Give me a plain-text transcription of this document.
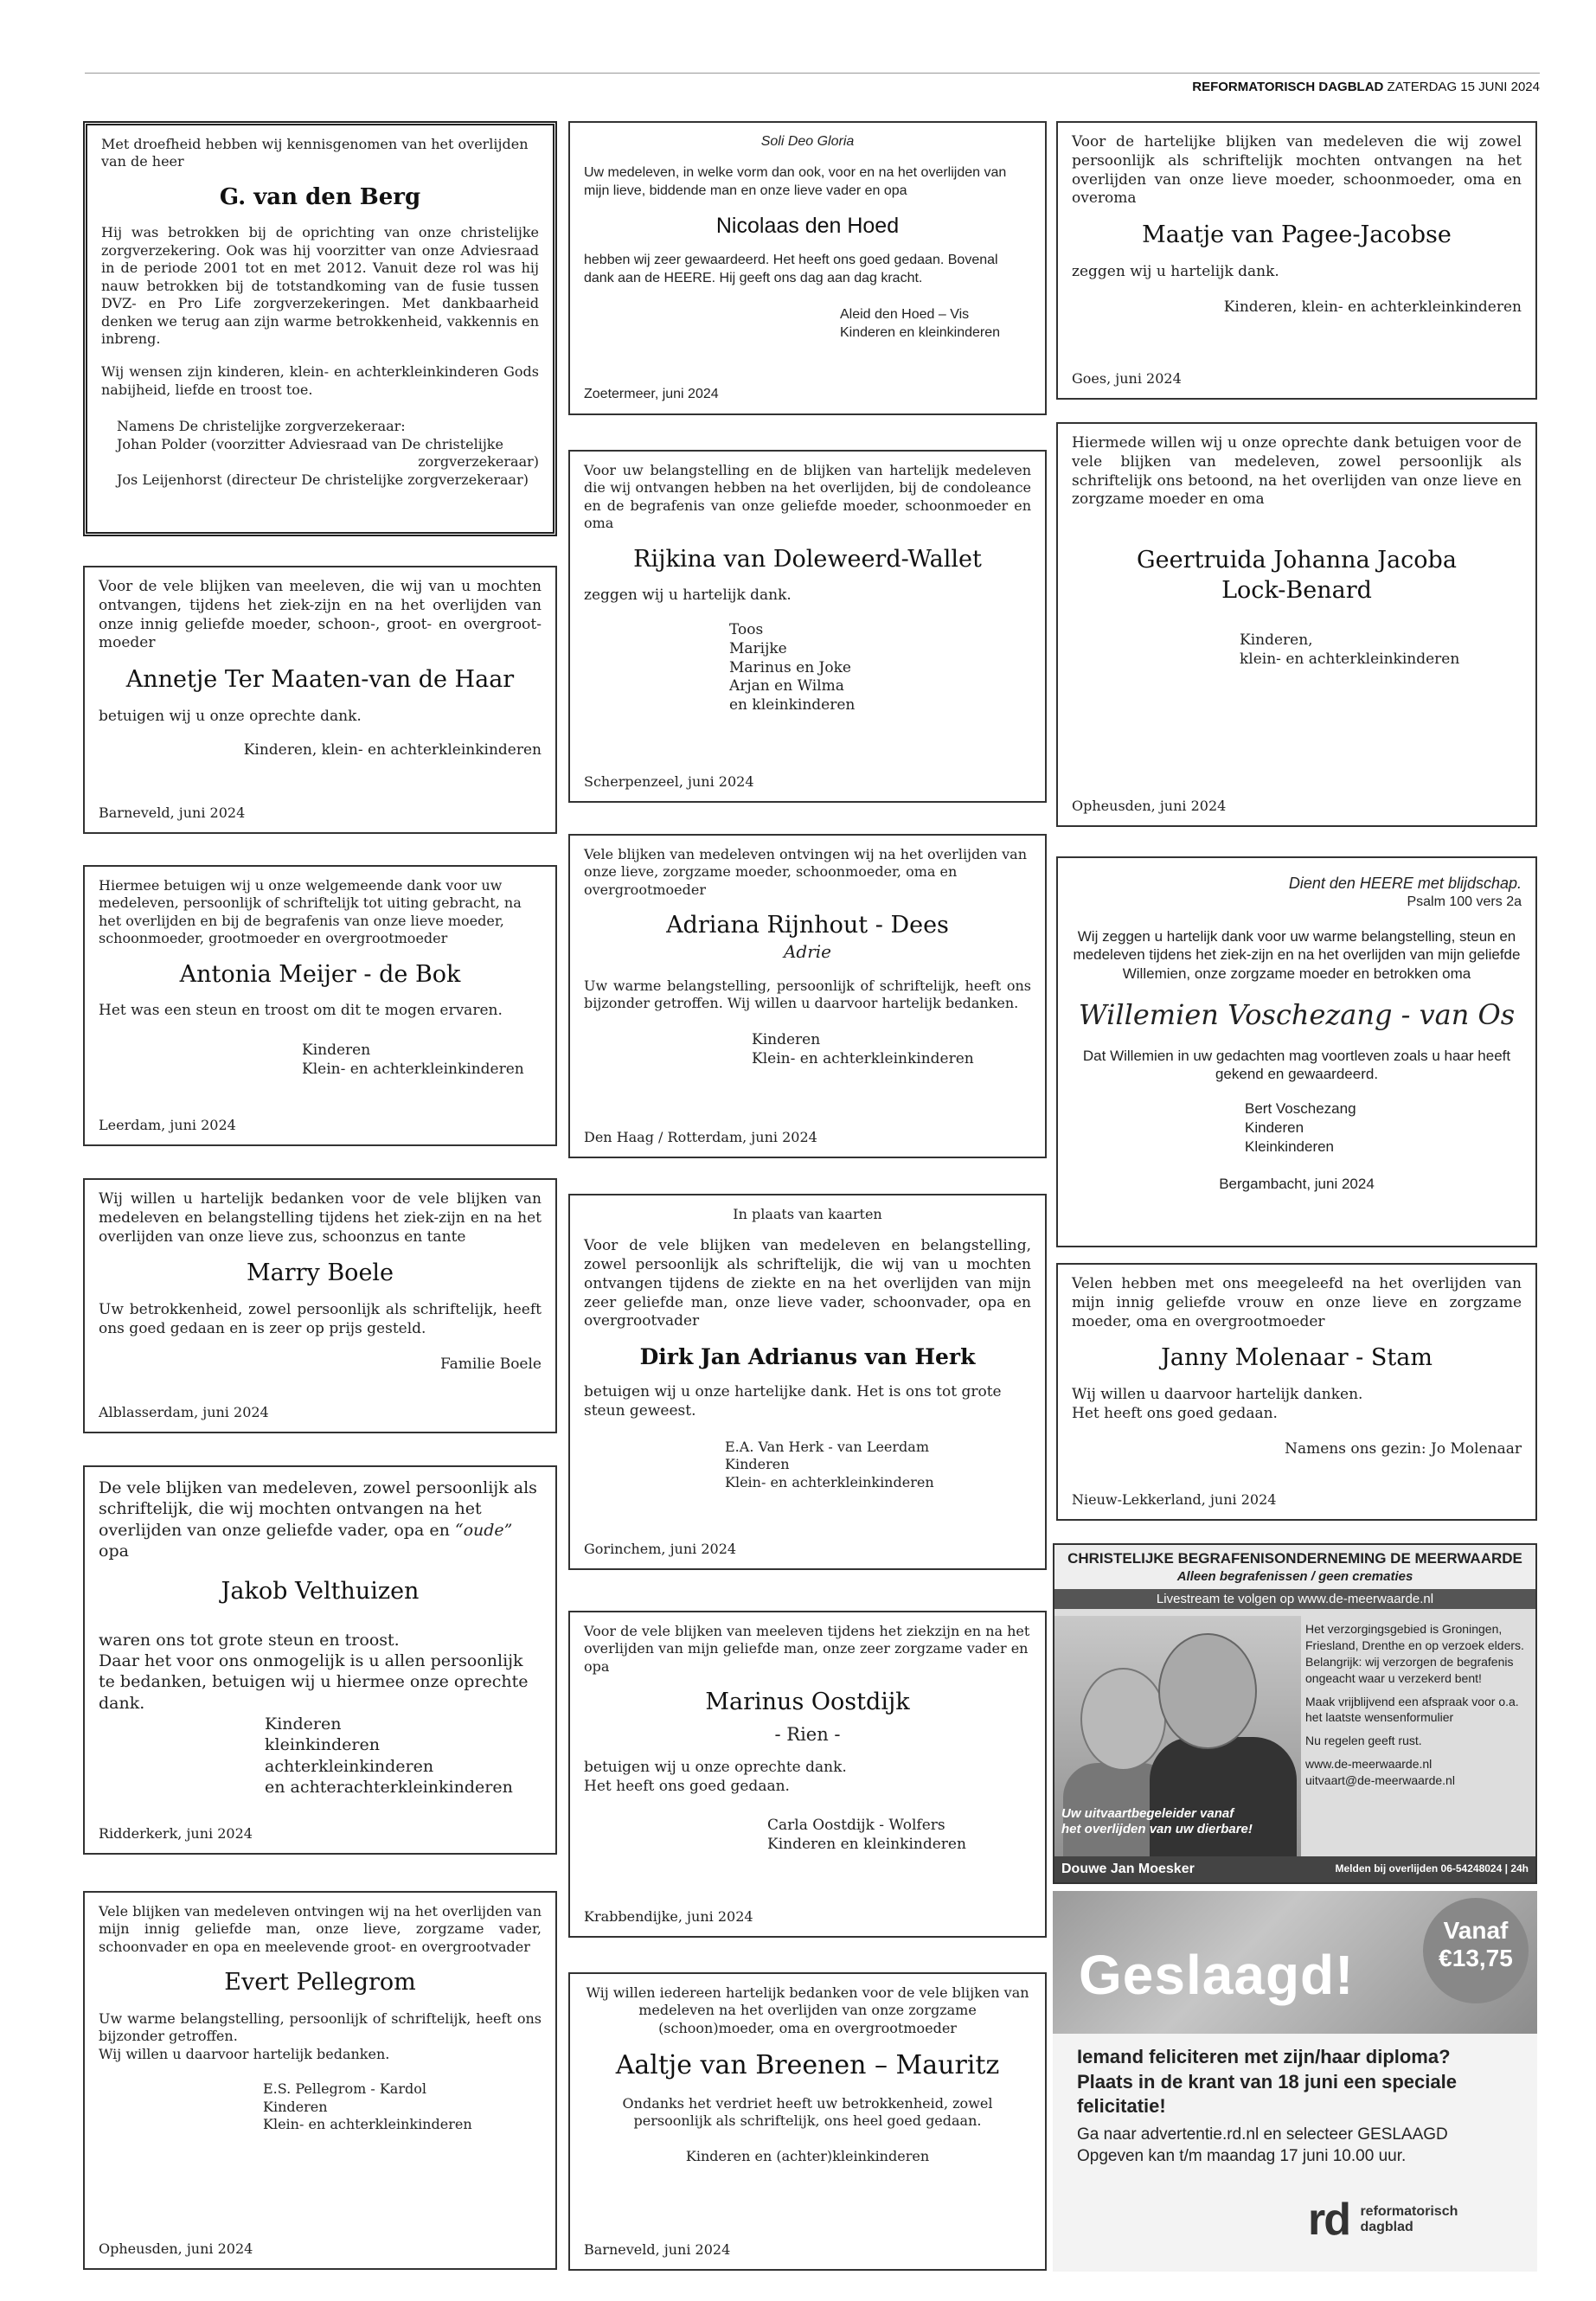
REFORMATORISCH DAGBLAD ZATERDAG 15 JUNI 2024

Met droefheid hebben wij kennisgenomen van het overlijden van de heer

G. van den Berg

Hij was betrokken bij de oprichting van onze christelijke zorgverzekering. Ook was hij voorzitter van onze Adviesraad in de periode 2001 tot en met 2012. Vanuit deze rol was hij nauw betrokken bij de totstandkoming van de fusie tussen DVZ- en Pro Life zorgverzekeringen. Met dankbaarheid denken we terug aan zijn warme betrokkenheid, vakkennis en inbreng.

Wij wensen zijn kinderen, klein- en achterkleinkinderen Gods nabijheid, liefde en troost toe.

Namens De christelijke zorgverzekeraar:

Johan Polder (voorzitter Adviesraad van De christelijke

zorgverzekeraar)

Jos Leijenhorst (directeur De christelijke zorgverzekeraar)

Voor de vele blijken van meeleven, die wij van u mochten ontvangen, tijdens het ziek-zijn en na het overlijden van onze innig geliefde moeder, schoon-, groot- en overgrootmoeder

Annetje Ter Maaten-van de Haar

betuigen wij u onze oprechte dank.

Kinderen, klein- en achterkleinkinderen

Barneveld, juni 2024

Hiermee betuigen wij u onze welgemeende dank voor uw medeleven, persoonlijk of schriftelijk tot uiting gebracht, na het overlijden en bij de begrafenis van onze lieve moeder, schoonmoeder, grootmoeder en overgrootmoeder

Antonia Meijer - de Bok

Het was een steun en troost om dit te mogen ervaren.

Kinderen

Klein- en achterkleinkinderen

Leerdam, juni 2024

Wij willen u hartelijk bedanken voor de vele blijken van medeleven en belangstelling tijdens het ziek-zijn en na het overlijden van onze lieve zus, schoonzus en tante

Marry Boele

Uw betrokkenheid, zowel persoonlijk als schriftelijk, heeft ons goed gedaan en is zeer op prijs gesteld.

Familie Boele

Alblasserdam, juni 2024

De vele blijken van medeleven, zowel persoonlijk als schriftelijk, die wij mochten ontvangen na het overlijden van onze geliefde vader, opa en “oude” opa

Jakob Velthuizen

waren ons tot grote steun en troost.

Daar het voor ons onmogelijk is u allen persoonlijk te bedanken, betuigen wij u hiermee onze oprechte dank.

Kinderen

kleinkinderen

achterkleinkinderen

en achterachterkleinkinderen

Ridderkerk, juni 2024

Vele blijken van medeleven ontvingen wij na het overlijden van mijn innig geliefde man, onze lieve, zorgzame vader, schoonvader en opa en meelevende groot- en overgrootvader

Evert Pellegrom

Uw warme belangstelling, persoonlijk of schriftelijk, heeft ons bijzonder getroffen.

Wij willen u daarvoor hartelijk bedanken.

E.S. Pellegrom - Kardol

Kinderen

Klein- en achterkleinkinderen

Opheusden, juni 2024

Soli Deo Gloria

Uw medeleven, in welke vorm dan ook, voor en na het overlijden van mijn lieve, biddende man en onze lieve vader en opa

Nicolaas den Hoed

hebben wij zeer gewaardeerd. Het heeft ons goed gedaan. Bovenal dank aan de HEERE. Hij geeft ons dag aan dag kracht.

Aleid den Hoed – Vis

Kinderen en kleinkinderen

Zoetermeer, juni 2024

Voor uw belangstelling en de blijken van hartelijk medeleven die wij ontvangen hebben na het overlijden, bij de condoleance en de begrafenis van onze geliefde moeder, schoonmoeder en oma

Rijkina van Doleweerd-Wallet

zeggen wij u hartelijk dank.

Toos

Marijke

Marinus en Joke

Arjan en Wilma

en kleinkinderen

Scherpenzeel, juni 2024

Vele blijken van medeleven ontvingen wij na het overlijden van onze lieve, zorgzame moeder, schoonmoeder, oma en overgrootmoeder

Adriana Rijnhout - Dees

Adrie

Uw warme belangstelling, persoonlijk of schriftelijk, heeft ons bijzonder getroffen. Wij willen u daarvoor hartelijk bedanken.

Kinderen

Klein- en achterkleinkinderen

Den Haag / Rotterdam, juni 2024

In plaats van kaarten

Voor de vele blijken van medeleven en belangstelling, zowel persoonlijk als schriftelijk, die wij van u mochten ontvangen tijdens de ziekte en na het overlijden van mijn zeer geliefde man, onze lieve vader, schoonvader, opa en overgrootvader

Dirk Jan Adrianus van Herk

betuigen wij u onze hartelijke dank. Het is ons tot grote steun geweest.

E.A. Van Herk - van Leerdam

Kinderen

Klein- en achterkleinkinderen

Gorinchem, juni 2024

Voor de vele blijken van meeleven tijdens het ziekzijn en na het overlijden van mijn geliefde man, onze zeer zorgzame vader en opa

Marinus Oostdijk

- Rien -

betuigen wij u onze oprechte dank.

Het heeft ons goed gedaan.

Carla Oostdijk - Wolfers

Kinderen en kleinkinderen

Krabbendijke, juni 2024

Wij willen iedereen hartelijk bedanken voor de vele blijken van medeleven na het overlijden van onze zorgzame (schoon)moeder, oma en overgrootmoeder

Aaltje van Breenen – Mauritz

Ondanks het verdriet heeft uw betrokkenheid, zowel persoonlijk als schriftelijk, ons heel goed gedaan.

Kinderen en (achter)kleinkinderen

Barneveld, juni 2024

Voor de hartelijke blijken van medeleven die wij zowel persoonlijk als schriftelijk mochten ontvangen na het overlijden van onze lieve moeder, schoonmoeder, oma en overoma

Maatje van Pagee-Jacobse

zeggen wij u hartelijk dank.

Kinderen, klein- en achterkleinkinderen

Goes, juni 2024

Hiermede willen wij u onze oprechte dank betuigen voor de vele blijken van medeleven, zowel persoonlijk als schriftelijk ons betoond, na het overlijden van onze lieve en zorgzame moeder en oma

Geertruida Johanna Jacoba
Lock-Benard

Kinderen,

klein- en achterkleinkinderen

Opheusden, juni 2024

Dient den HEERE met blijdschap.

Psalm 100 vers 2a

Wij zeggen u hartelijk dank voor uw warme belangstelling, steun en medeleven tijdens het ziek-zijn en na het overlijden van mijn geliefde Willemien, onze zorgzame moeder en betrokken oma

Willemien Voschezang - van Os

Dat Willemien in uw gedachten mag voortleven zoals u haar heeft gekend en gewaardeerd.

Bert Voschezang

Kinderen

Kleinkinderen

Bergambacht, juni 2024

Velen hebben met ons meegeleefd na het overlijden van mijn innig geliefde vrouw en onze lieve en zorgzame moeder, oma en overgrootmoeder

Janny Molenaar - Stam

Wij willen u daarvoor hartelijk danken.

Het heeft ons goed gedaan.

Namens ons gezin: Jo Molenaar

Nieuw-Lekkerland, juni 2024
CHRISTELIJKE BEGRAFENISONDERNEMING DE MEERWAARDE
Alleen begrafenissen / geen crematies
Livestream te volgen op www.de-meerwaarde.nl
Uw uitvaartbegeleider vanaf
het overlijden van uw dierbare!

Het verzorgingsgebied is Groningen, Friesland, Drenthe en op verzoek elders. Belangrijk: wij verzorgen de begrafenis ongeacht waar u verzekerd bent!

Maak vrijblijvend een afspraak voor o.a. het laatste wensenformulier

Nu regelen geeft rust.

www.de-meerwaarde.nl

uitvaart@de-meerwaarde.nl

Douwe Jan Moesker	Melden bij overlijden 06-54248024 | 24h
Geslaagd!
Vanaf
€13,75
Iemand feliciteren met zijn/haar diploma? Plaats in de krant van 18 juni een speciale felicitatie!

Ga naar advertentie.rd.nl en selecteer GESLAAGD

Opgeven kan t/m maandag 17 juni 10.00 uur.

rd reformatorisch
dagblad
